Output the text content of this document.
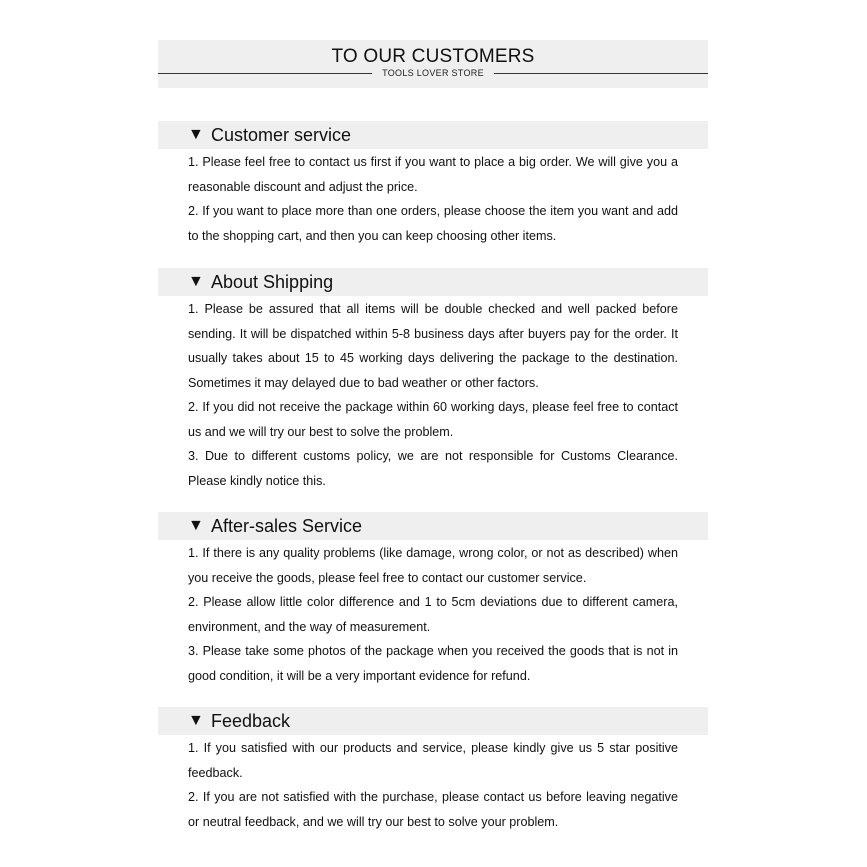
TO OUR CUSTOMERS
TOOLS LOVER STORE
▼ Customer service

1. Please feel free to contact us first if you want to place a big order. We will give you a reasonable discount and adjust the price.

2. If you want to place more than one orders, please choose the item you want and add to the shopping cart, and then you can keep choosing other items.

▼ About Shipping

1. Please be assured that all items will be double checked and well packed before sending. It will be dispatched within 5-8 business days after buyers pay for the order. It usually takes about 15 to 45 working days delivering the package to the destination. Sometimes it may delayed due to bad weather or other factors.

2. If you did not receive the package within 60 working days, please feel free to contact us and we will try our best to solve the problem.

3. Due to different customs policy, we are not responsible for Customs Clearance. Please kindly notice this.

▼ After-sales Service

1. If there is any quality problems (like damage, wrong color, or not as described) when you receive the goods, please feel free to contact our customer service.

2. Please allow little color difference and 1 to 5cm deviations due to different camera, environment, and the way of measurement.

3. Please take some photos of the package when you received the goods that is not in good condition, it will be a very important evidence for refund.

▼ Feedback

1. If you satisfied with our products and service, please kindly give us 5 star positive feedback.

2. If you are not satisfied with the purchase, please contact us before leaving negative or neutral feedback, and we will try our best to solve your problem.
